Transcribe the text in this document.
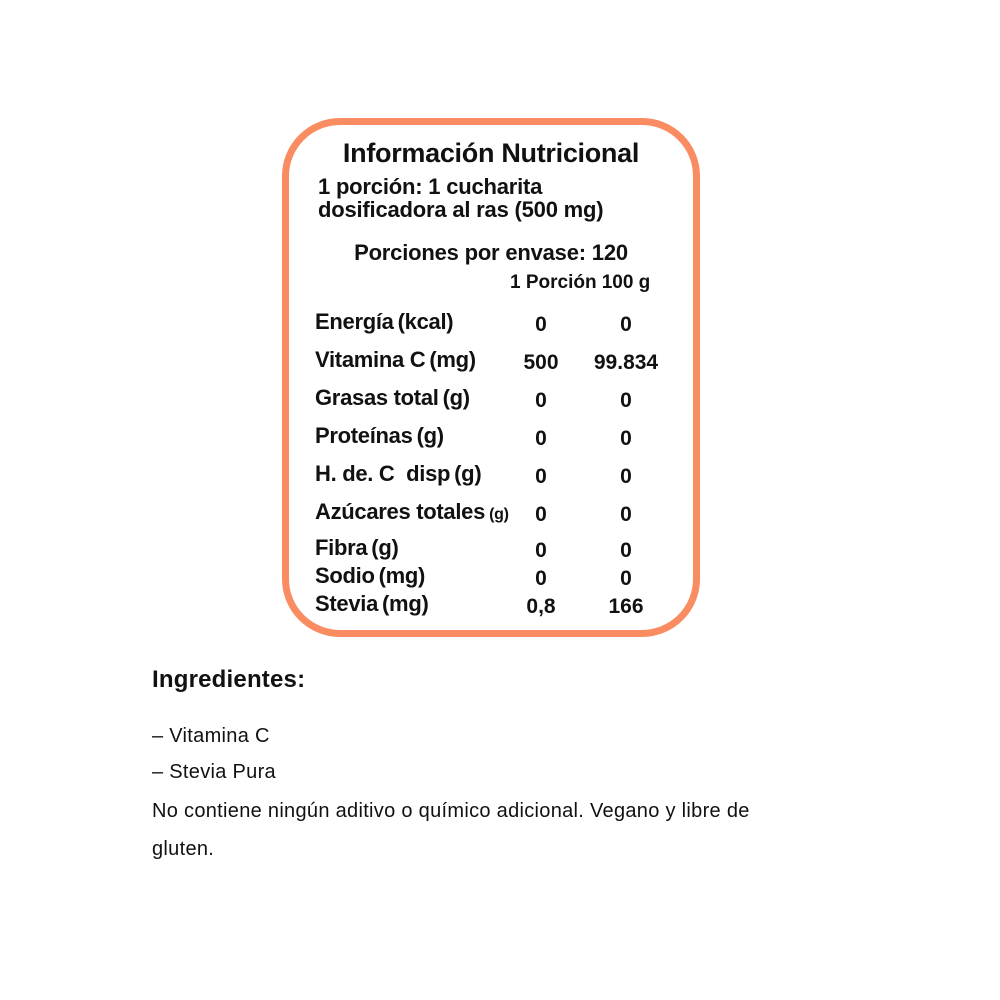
Información Nutricional
1 porción: 1 cucharita
dosificadora al ras (500 mg)
Porciones por envase: 120
1 Porción 100 g
Energía (kcal)	0	0
Vitamina C (mg)	500	99.834
Grasas total (g)	0	0
Proteínas (g)	0	0
H. de. C  disp (g)	0	0
Azúcares totales (g)	0	0
Fibra (g)	0	0
Sodio (mg)	0	0
Stevia (mg)	0,8	166
Ingredientes:
– Vitamina C
– Stevia Pura

No contiene ningún aditivo o químico adicional. Vegano y libre de gluten.
